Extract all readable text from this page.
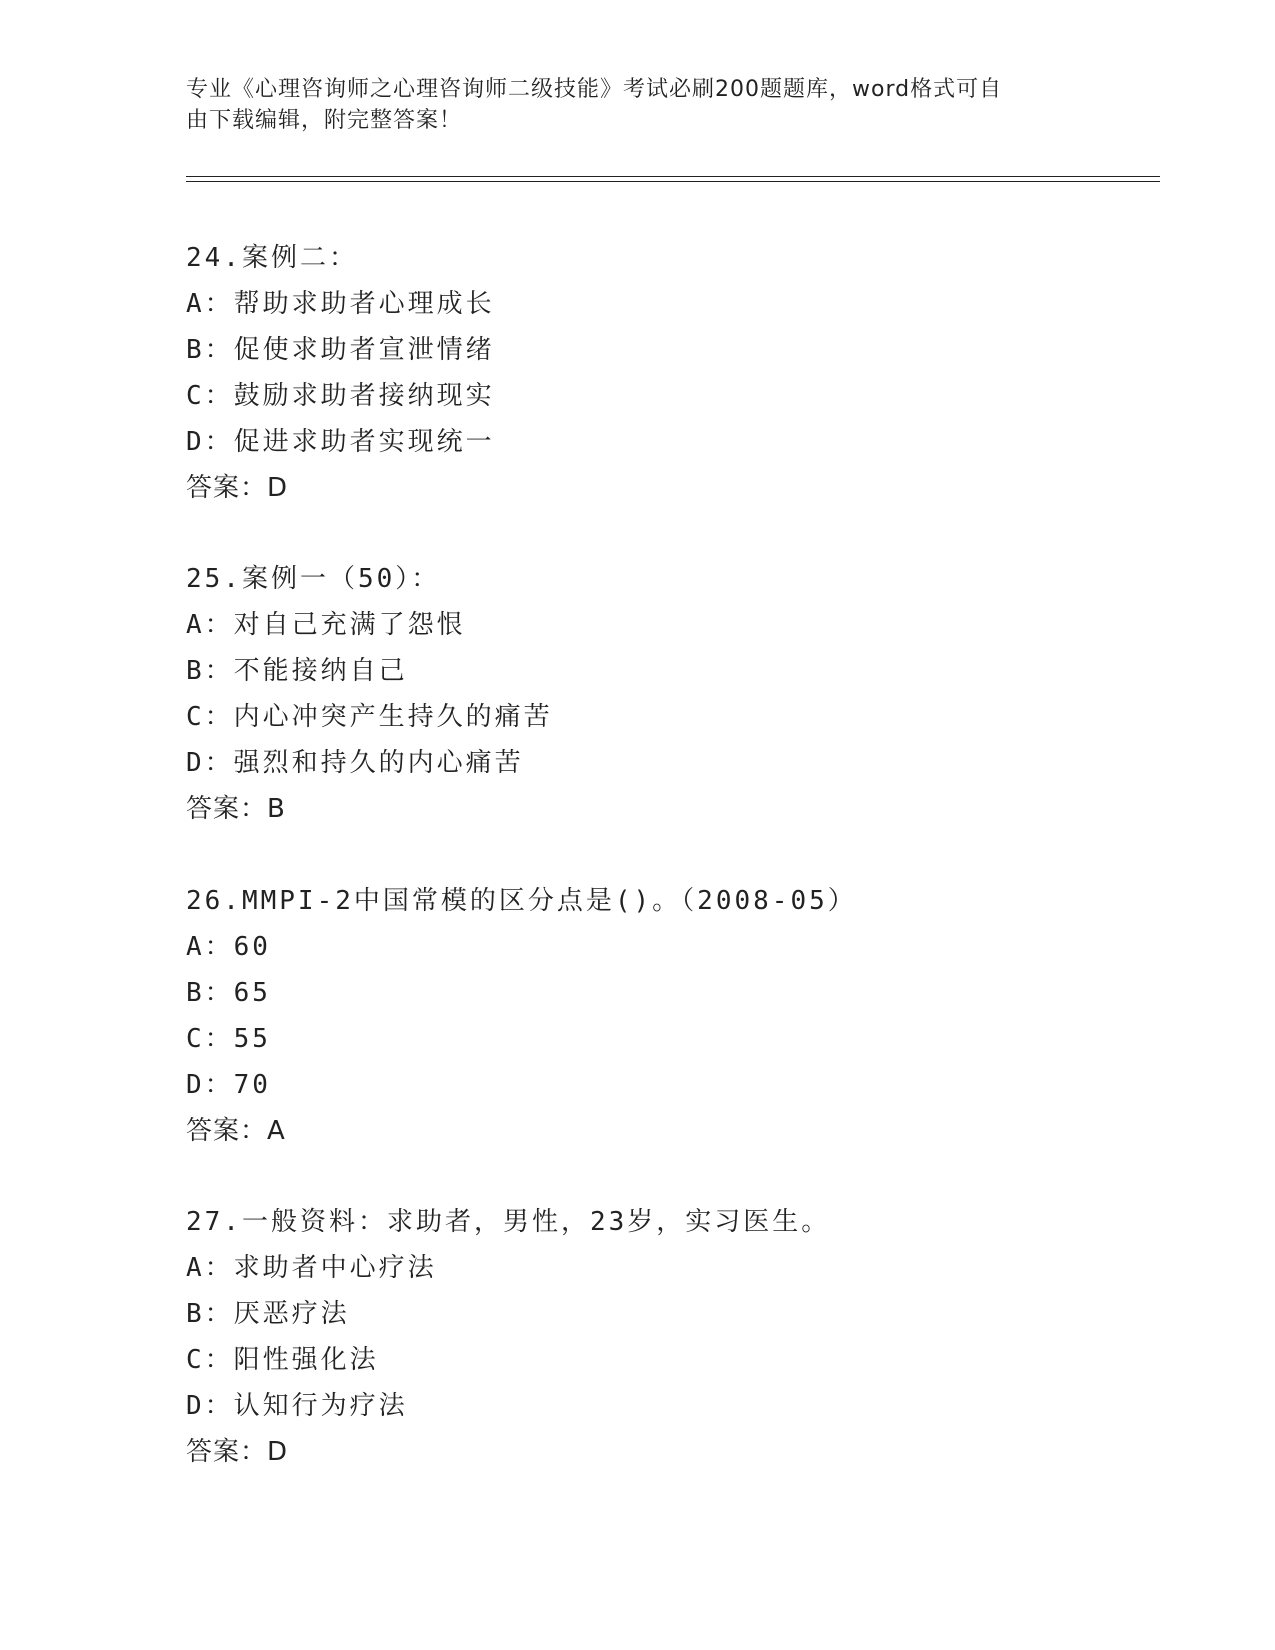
专业《心理咨询师之心理咨询师二级技能》考试必刷200题题库，word格式可自
由下载编辑，附完整答案！
24.案例二：
A：帮助求助者心理成长
B：促使求助者宣泄情绪
C：鼓励求助者接纳现实
D：促进求助者实现统一
答案：D
25.案例一（50）：
A：对自己充满了怨恨
B：不能接纳自己
C：内心冲突产生持久的痛苦
D：强烈和持久的内心痛苦
答案：B
26.MMPI-2中国常模的区分点是()。（2008-05）
A：60
B：65
C：55
D：70
答案：A
27.一般资料：求助者，男性，23岁，实习医生。
A：求助者中心疗法
B：厌恶疗法
C：阳性强化法
D：认知行为疗法
答案：D
